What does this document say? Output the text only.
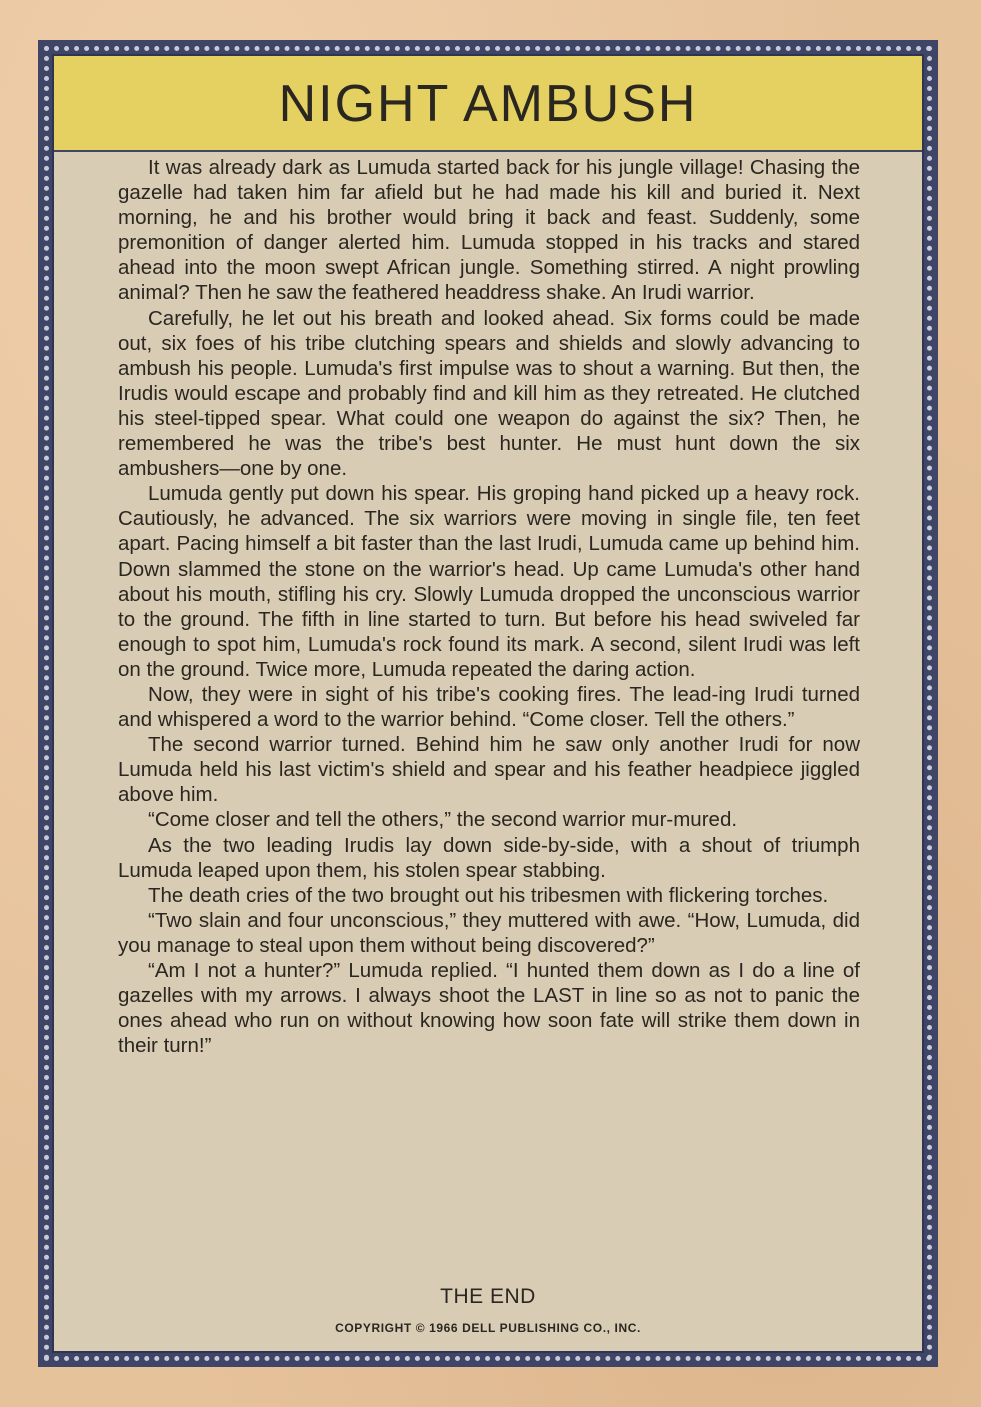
NIGHT AMBUSH

It was already dark as Lumuda started back for his jungle village! Chasing the gazelle had taken him far afield but he had made his kill and buried it. Next morning, he and his brother would bring it back and feast. Suddenly, some premonition of danger alerted him. Lumuda stopped in his tracks and stared ahead into the moon swept African jungle. Something stirred. A night prowling animal? Then he saw the feathered headdress shake. An Irudi warrior.

Carefully, he let out his breath and looked ahead. Six forms could be made out, six foes of his tribe clutching spears and shields and slowly advancing to ambush his people. Lumuda's first impulse was to shout a warning. But then, the Irudis would escape and probably find and kill him as they retreated. He clutched his steel-tipped spear. What could one weapon do against the six? Then, he remembered he was the tribe's best hunter. He must hunt down the six ambushers—one by one.

Lumuda gently put down his spear. His groping hand picked up a heavy rock. Cautiously, he advanced. The six warriors were moving in single file, ten feet apart. Pacing himself a bit faster than the last Irudi, Lumuda came up behind him. Down slammed the stone on the warrior's head. Up came Lumuda's other hand about his mouth, stifling his cry. Slowly Lumuda dropped the unconscious warrior to the ground. The fifth in line started to turn. But before his head swiveled far enough to spot him, Lumuda's rock found its mark. A second, silent Irudi was left on the ground. Twice more, Lumuda repeated the daring action.

Now, they were in sight of his tribe's cooking fires. The lead-ing Irudi turned and whispered a word to the warrior behind. “Come closer. Tell the others.”

The second warrior turned. Behind him he saw only another Irudi for now Lumuda held his last victim's shield and spear and his feather headpiece jiggled above him.

“Come closer and tell the others,” the second warrior mur-mured.

As the two leading Irudis lay down side-by-side, with a shout of triumph Lumuda leaped upon them, his stolen spear stabbing.

The death cries of the two brought out his tribesmen with flickering torches.

“Two slain and four unconscious,” they muttered with awe. “How, Lumuda, did you manage to steal upon them without being discovered?”

“Am I not a hunter?” Lumuda replied. “I hunted them down as I do a line of gazelles with my arrows. I always shoot the LAST in line so as not to panic the ones ahead who run on without knowing how soon fate will strike them down in their turn!”

THE END
COPYRIGHT © 1966 DELL PUBLISHING CO., INC.
